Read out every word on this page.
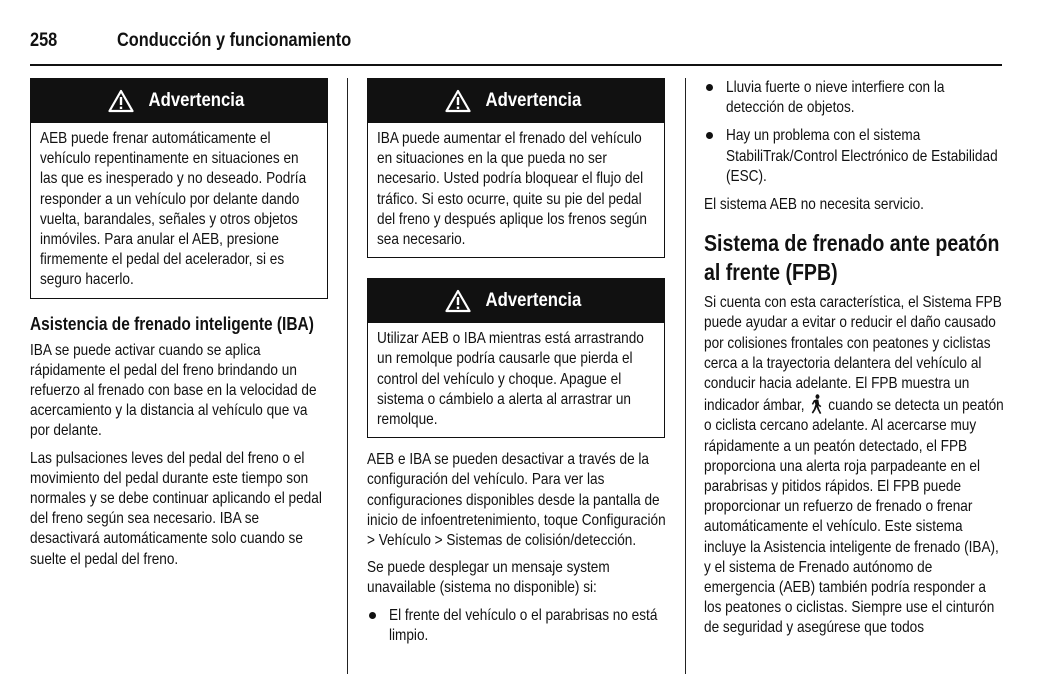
258	Conducción y funcionamiento
Advertencia
AEB puede frenar automáticamente el vehículo repentinamente en situaciones en las que es inesperado y no deseado. Podría responder a un vehículo por delante dando vuelta, barandales, señales y otros objetos inmóviles. Para anular el AEB, presione firmemente el pedal del acelerador, si es seguro hacerlo.
Asistencia de frenado inteligente (IBA)
IBA se puede activar cuando se aplica rápidamente el pedal del freno brindando un refuerzo al frenado con base en la velocidad de acercamiento y la distancia al vehículo que va por delante.
Las pulsaciones leves del pedal del freno o el movimiento del pedal durante este tiempo son normales y se debe continuar aplicando el pedal del freno según sea necesario. IBA se desactivará automáticamente solo cuando se suelte el pedal del freno.
Advertencia
IBA puede aumentar el frenado del vehículo en situaciones en la que pueda no ser necesario. Usted podría bloquear el flujo del tráfico. Si esto ocurre, quite su pie del pedal del freno y después aplique los frenos según sea necesario.
Advertencia
Utilizar AEB o IBA mientras está arrastrando un remolque podría causarle que pierda el control del vehículo y choque. Apague el sistema o cámbielo a alerta al arrastrar un remolque.
AEB e IBA se pueden desactivar a través de la configuración del vehículo. Para ver las configuraciones disponibles desde la pantalla de inicio de infoentretenimiento, toque Configuración > Vehículo > Sistemas de colisión/detección.
Se puede desplegar un mensaje system unavailable (sistema no disponible) si:
El frente del vehículo o el parabrisas no está limpio.
Lluvia fuerte o nieve interfiere con la detección de objetos.
Hay un problema con el sistema StabiliTrak/Control Electrónico de Estabilidad (ESC).
El sistema AEB no necesita servicio.
Sistema de frenado ante peatón al frente (FPB)
Si cuenta con esta característica, el Sistema FPB puede ayudar a evitar o reducir el daño causado por colisiones frontales con peatones y ciclistas cerca a la trayectoria delantera del vehículo al conducir hacia adelante. El FPB muestra un indicador ámbar, cuando se detecta un peatón o ciclista cercano adelante. Al acercarse muy rápidamente a un peatón detectado, el FPB proporciona una alerta roja parpadeante en el parabrisas y pitidos rápidos. El FPB puede proporcionar un refuerzo de frenado o frenar automáticamente el vehículo. Este sistema incluye la Asistencia inteligente de frenado (IBA), y el sistema de Frenado autónomo de emergencia (AEB) también podría responder a los peatones o ciclistas. Siempre use el cinturón de seguridad y asegúrese que todos
